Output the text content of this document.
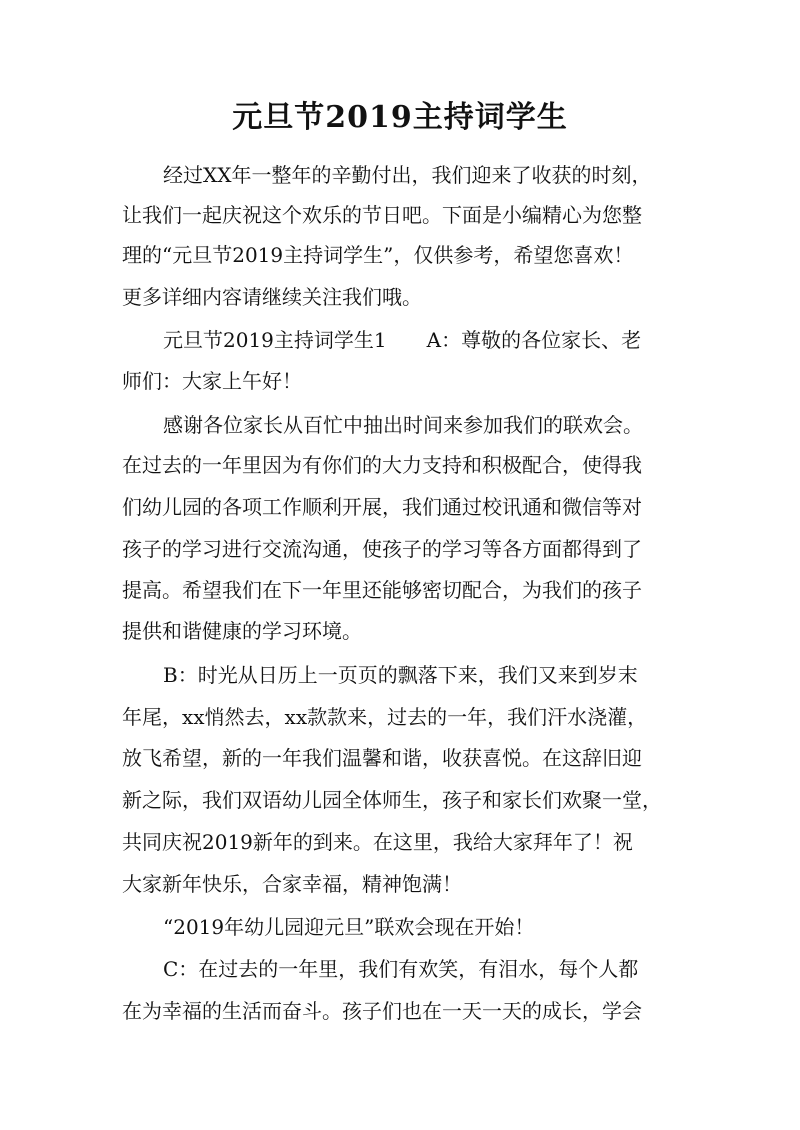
元旦节2019主持词学生
经过XX年一整年的辛勤付出，我们迎来了收获的时刻，
让我们一起庆祝这个欢乐的节日吧。下面是小编精心为您整
理的“元旦节2019主持词学生”，仅供参考，希望您喜欢！
更多详细内容请继续关注我们哦。
元旦节2019主持词学生1　　A：尊敬的各位家长、老
师们：大家上午好！
感谢各位家长从百忙中抽出时间来参加我们的联欢会。
在过去的一年里因为有你们的大力支持和积极配合，使得我
们幼儿园的各项工作顺利开展，我们通过校讯通和微信等对
孩子的学习进行交流沟通，使孩子的学习等各方面都得到了
提高。希望我们在下一年里还能够密切配合，为我们的孩子
提供和谐健康的学习环境。
B：时光从日历上一页页的飘落下来，我们又来到岁末
年尾，xx悄然去，xx款款来，过去的一年，我们汗水浇灌，
放飞希望，新的一年我们温馨和谐，收获喜悦。在这辞旧迎
新之际，我们双语幼儿园全体师生，孩子和家长们欢聚一堂，
共同庆祝2019新年的到来。在这里，我给大家拜年了！祝
大家新年快乐，合家幸福，精神饱满！
“2019年幼儿园迎元旦”联欢会现在开始！
C：在过去的一年里，我们有欢笑，有泪水，每个人都
在为幸福的生活而奋斗。孩子们也在一天一天的成长，学会
